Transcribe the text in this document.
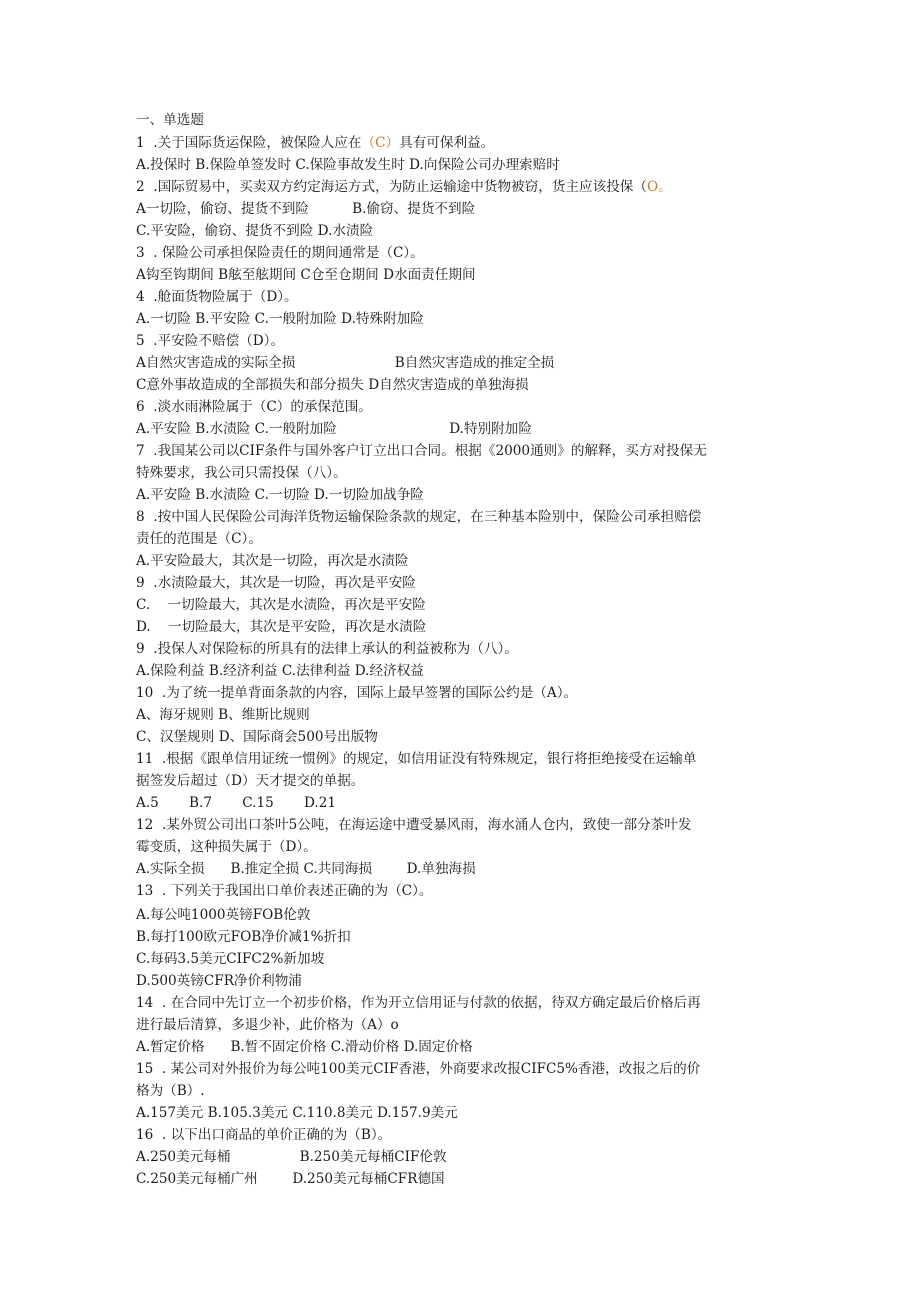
一、单选题
1  .关于国际货运保险，被保险人应在（C）具有可保利益。
A.投保时 B.保险单签发时 C.保险事故发生时 D.向保险公司办理索赔时
2  .国际贸易中，买卖双方约定海运方式，为防止运输途中货物被窃，货主应该投保（O。
A一切险，偷窃、提货不到险          B.偷窃、提货不到险
C.平安险，偷窃、提货不到险 D.水渍险
3  . 保险公司承担保险责任的期间通常是（C）。
A钩至钩期间 B舷至舷期间 C仓至仓期间 D水面责任期间
4  .舱面货物险属于（D）。
A.一切险 B.平安险 C.一般附加险 D.特殊附加险
5  .平安险不赔偿（D）。
A自然灾害造成的实际全损                       B自然灾害造成的推定全损
C意外事故造成的全部损失和部分损失 D自然灾害造成的单独海损
6  .淡水雨淋险属于（C）的承保范围。
A.平安险 B.水渍险 C.一般附加险                          D.特别附加险
7  .我国某公司以CIF条件与国外客户订立出口合同。根据《2000通则》的解释，买方对投保无
特殊要求，我公司只需投保（八）。
A.平安险 B.水渍险 C.一切险 D.一切险加战争险
8  .按中国人民保险公司海洋货物运输保险条款的规定，在三种基本险别中，保险公司承担赔偿
责任的范围是（C）。
A.平安险最大，其次是一切险，再次是水渍险
9  .水渍险最大，其次是一切险，再次是平安险
C.    一切险最大，其次是水渍险，再次是平安险
D.    一切险最大，其次是平安险，再次是水渍险
9  .投保人对保险标的所具有的法律上承认的利益被称为（八）。
A.保险利益 B.经济利益 C.法律利益 D.经济权益
10  .为了统一提单背面条款的内容，国际上最早签署的国际公约是（A）。
A、海牙规则 B、维斯比规则
C、汉堡规则 D、国际商会500号出版物
11  .根据《跟单信用证统一惯例》的规定，如信用证没有特殊规定，银行将拒绝接受在运输单
据签发后超过（D）天才提交的单据。
A.5       B.7       C.15       D.21
12  .某外贸公司出口茶叶5公吨，在海运途中遭受暴风雨，海水涌人仓内，致使一部分茶叶发
霉变质，这种损失属于（D）。
A.实际全损      B.推定全损 C.共同海损        D.单独海损
13  . 下列关于我国出口单价表述正确的为（C）。
A.每公吨1000英镑FOB伦敦
B.每打100欧元FOB净价减1%折扣
C.每码3.5美元CIFC2%新加坡
D.500英镑CFR净价利物浦
14  . 在合同中先订立一个初步价格，作为开立信用证与付款的依据，待双方确定最后价格后再
进行最后清算，多退少补，此价格为（A）o
A.暂定价格      B.暂不固定价格 C.滑动价格 D.固定价格
15  . 某公司对外报价为每公吨100美元CIF香港，外商要求改报CIFC5%香港，改报之后的价
格为（B）.
A.157美元 B.105.3美元 C.110.8美元 D.157.9美元
16  . 以下出口商品的单价正确的为（B）。
A.250美元每桶                B.250美元每桶CIF伦敦
C.250美元每桶广州        D.250美元每桶CFR德国
